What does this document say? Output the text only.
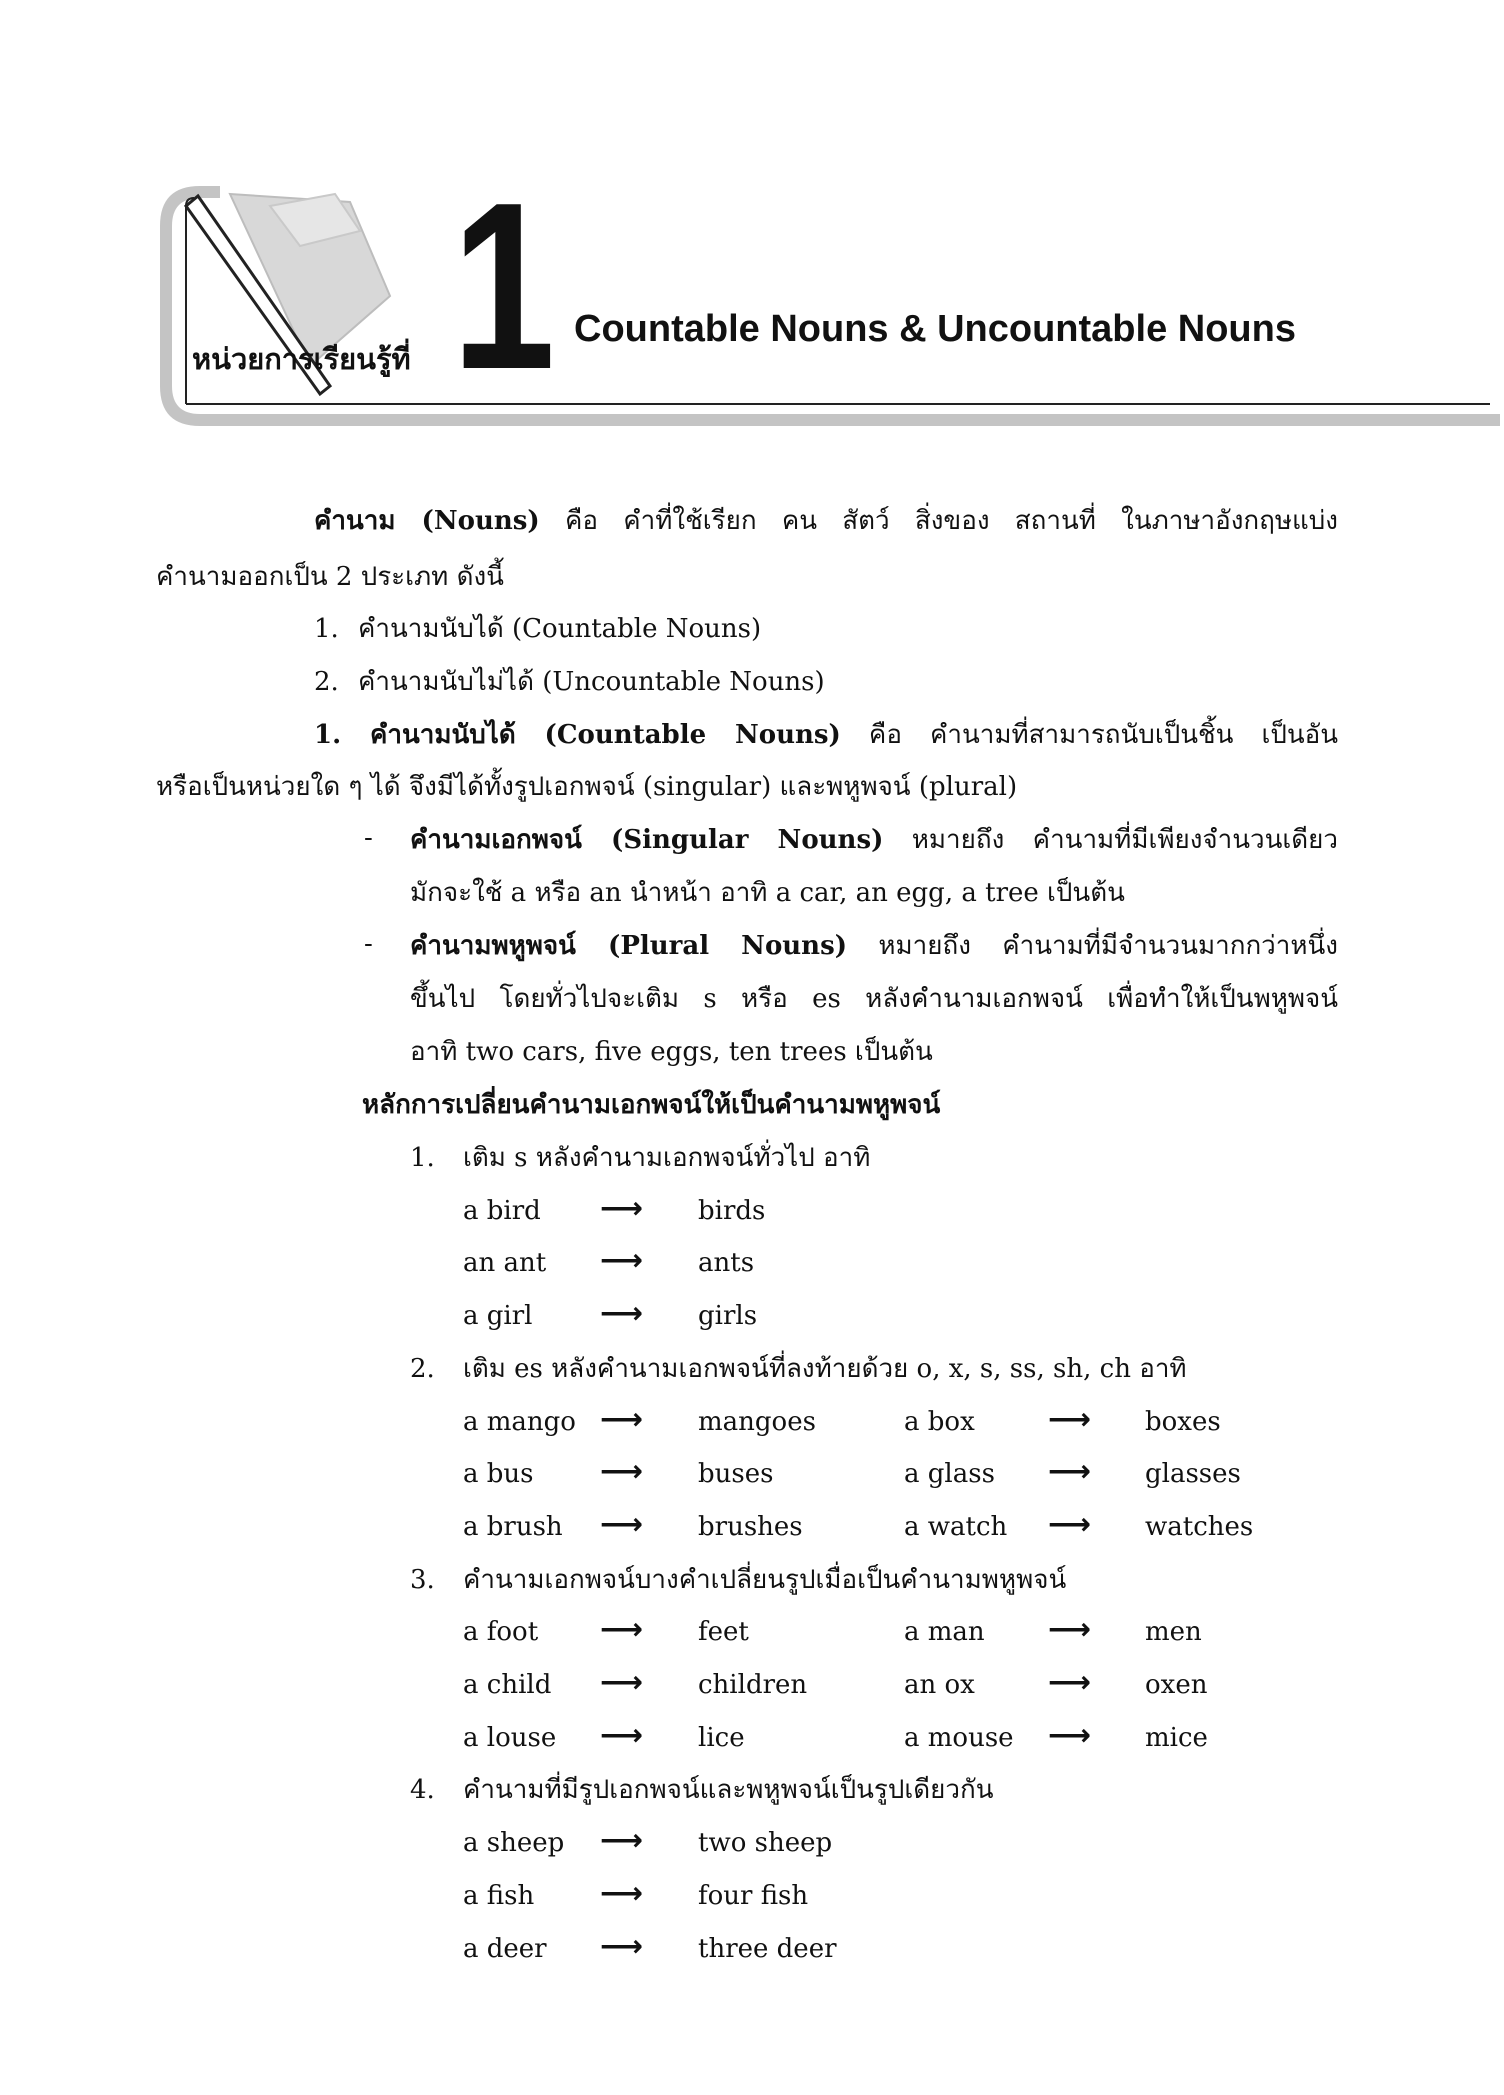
หน่วยการเรียนรู้ที่ 1 Countable Nouns & Uncountable Nouns
คำนาม (Nouns) คือ คำที่ใช้เรียก คน สัตว์ สิ่งของ สถานที่ ในภาษาอังกฤษแบ่ง
คำนามออกเป็น 2 ประเภท ดังนี้
1. คำนามนับได้ (Countable Nouns)
2. คำนามนับไม่ได้ (Uncountable Nouns)
1. คำนามนับได้ (Countable Nouns) คือ คำนามที่สามารถนับเป็นชิ้น เป็นอัน
หรือเป็นหน่วยใด ๆ ได้ จึงมีได้ทั้งรูปเอกพจน์ (singular) และพหูพจน์ (plural)
- คำนามเอกพจน์ (Singular Nouns) หมายถึง คำนามที่มีเพียงจำนวนเดียว
มักจะใช้ a หรือ an นำหน้า อาทิ a car, an egg, a tree เป็นต้น
- คำนามพหูพจน์ (Plural Nouns) หมายถึง คำนามที่มีจำนวนมากกว่าหนึ่ง
ขึ้นไป โดยทั่วไปจะเติม s หรือ es หลังคำนามเอกพจน์ เพื่อทำให้เป็นพหูพจน์
อาทิ two cars, five eggs, ten trees เป็นต้น
หลักการเปลี่ยนคำนามเอกพจน์ให้เป็นคำนามพหูพจน์
1. เติม s หลังคำนามเอกพจน์ทั่วไป อาทิ
a bird ⟶ birds
an ant ⟶ ants
a girl ⟶ girls
2. เติม es หลังคำนามเอกพจน์ที่ลงท้ายด้วย o, x, s, ss, sh, ch อาทิ
a mango ⟶ mangoes	a box ⟶ boxes
a bus ⟶ buses	a glass ⟶ glasses
a brush ⟶ brushes	a watch ⟶ watches
3. คำนามเอกพจน์บางคำเปลี่ยนรูปเมื่อเป็นคำนามพหูพจน์
a foot ⟶ feet	a man ⟶ men
a child ⟶ children	an ox ⟶ oxen
a louse ⟶ lice	a mouse ⟶ mice
4. คำนามที่มีรูปเอกพจน์และพหูพจน์เป็นรูปเดียวกัน
a sheep ⟶ two sheep
a fish ⟶ four fish
a deer ⟶ three deer
